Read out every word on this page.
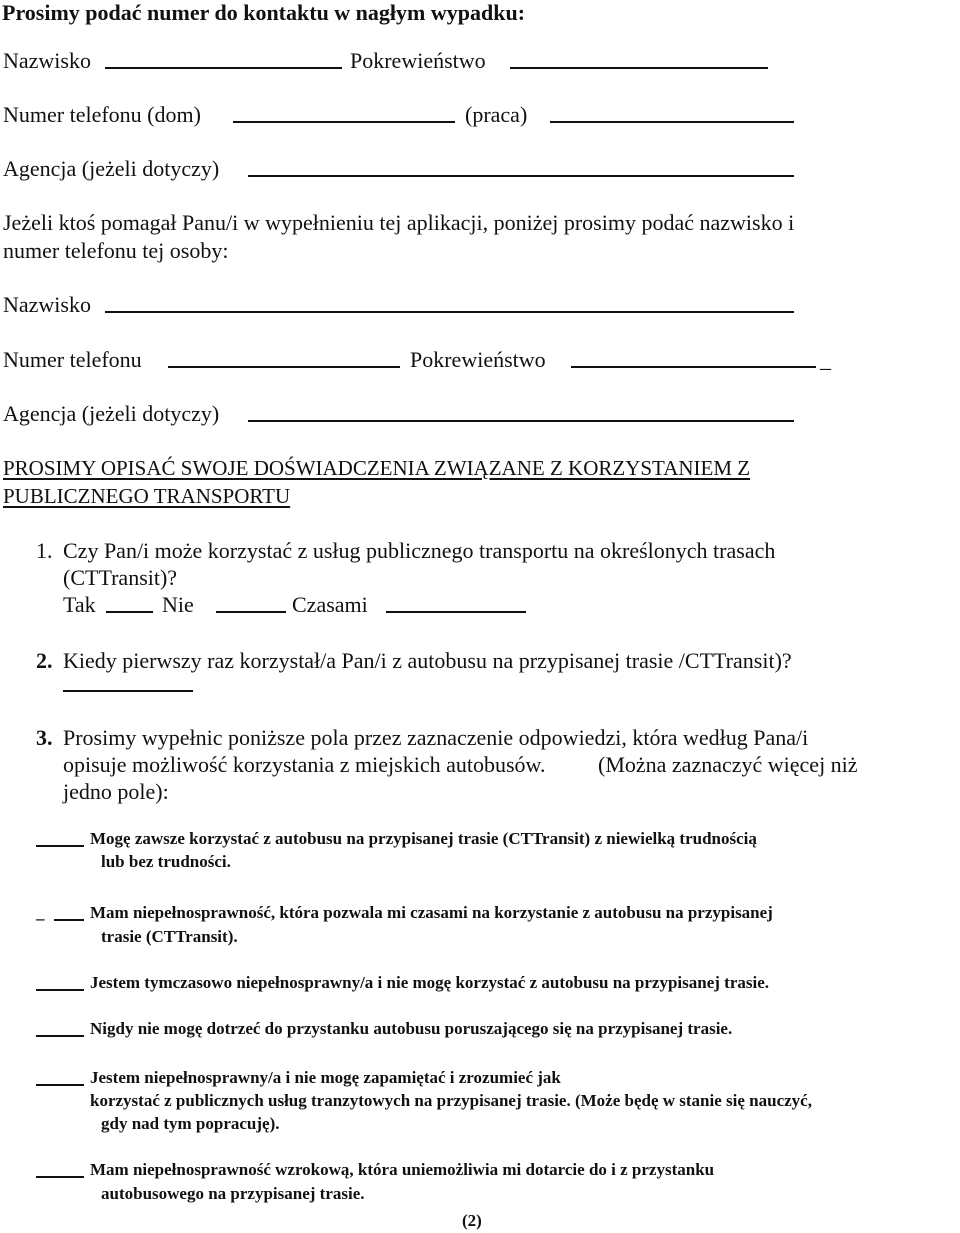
Prosimy podać numer do kontaktu w nagłym wypadku:
Nazwisko	Pokrewieństwo
Numer telefonu (dom)	(praca)
Agencja (jeżeli dotyczy)
Jeżeli ktoś pomagał Panu/i w wypełnieniu tej aplikacji, poniżej prosimy podać nazwisko i
numer telefonu tej osoby:
Nazwisko
Numer telefonu	Pokrewieństwo	_
Agencja (jeżeli dotyczy)
PROSIMY OPISAĆ SWOJE DOŚWIADCZENIA ZWIĄZANE Z KORZYSTANIEM Z
PUBLICZNEGO TRANSPORTU
1. Czy Pan/i może korzystać z usług publicznego transportu na określonych trasach
(CTTransit)?
Tak	Nie	Czasami
2. Kiedy pierwszy raz korzystał/a Pan/i z autobusu na przypisanej trasie /CTTransit)?
3. Prosimy wypełnic poniższe pola przez zaznaczenie odpowiedzi, która według Pana/i
opisuje możliwość korzystania z miejskich autobusów. (Można zaznaczyć więcej niż
jedno pole):
Mogę zawsze korzystać z autobusu na przypisanej trasie (CTTransit) z niewielką trudnością
lub bez trudności.
_	Mam niepełnosprawność, która pozwala mi czasami na korzystanie z autobusu na przypisanej
trasie (CTTransit).
Jestem tymczasowo niepełnosprawny/a i nie mogę korzystać z autobusu na przypisanej trasie.
Nigdy nie mogę dotrzeć do przystanku autobusu poruszającego się na przypisanej trasie.
Jestem niepełnosprawny/a i nie mogę zapamiętać i zrozumieć jak
korzystać z publicznych usług tranzytowych na przypisanej trasie. (Może będę w stanie się nauczyć,
gdy nad tym popracuję).
Mam niepełnosprawność wzrokową, która uniemożliwia mi dotarcie do i z przystanku
autobusowego na przypisanej trasie.
(2)
